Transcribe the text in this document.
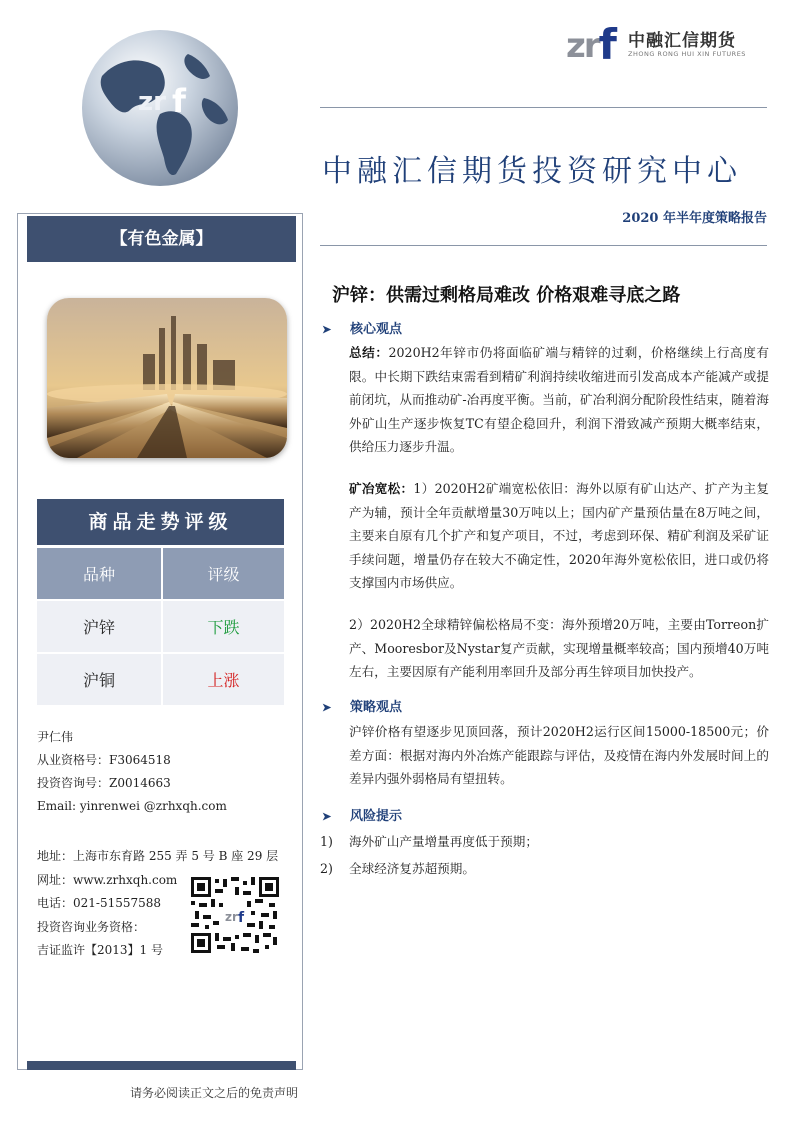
zr f
zrf 中融汇信期货
ZHONG RONG HUI XIN FUTURES
中融汇信期货投资研究中心
2020 年半年度策略报告
【有色金属】
商品走势评级
品种	评级
沪锌	下跌
沪铜	上涨
尹仁伟
从业资格号：F3064518
投资咨询号：Z0014663
Email: yinrenwei @zrhxqh.com
地址：上海市东育路 255 弄 5 号 B 座 29 层
网址：www.zrhxqh.com
电话：021-51557588
投资咨询业务资格：
吉证监许【2013】1 号
zr f
请务必阅读正文之后的免责声明
沪锌：供需过剩格局难改 价格艰难寻底之路
➤ 核心观点
总结：2020H2年锌市仍将面临矿端与精锌的过剩，价格继续上行高度有限。中长期下跌结束需看到精矿利润持续收缩进而引发高成本产能减产或提前闭坑，从而推动矿-冶再度平衡。当前，矿冶利润分配阶段性结束，随着海外矿山生产逐步恢复TC有望企稳回升，利润下滑致减产预期大概率结束，供给压力逐步升温。
矿冶宽松：1）2020H2矿端宽松依旧：海外以原有矿山达产、扩产为主复产为辅，预计全年贡献增量30万吨以上；国内矿产量预估量在8万吨之间，主要来自原有几个扩产和复产项目，不过，考虑到环保、精矿利润及采矿证手续问题，增量仍存在较大不确定性，2020年海外宽松依旧，进口或仍将支撑国内市场供应。
2）2020H2全球精锌偏松格局不变：海外预增20万吨，主要由Torreon扩产、Mooresbor及Nystar复产贡献，实现增量概率较高；国内预增40万吨左右，主要因原有产能利用率回升及部分再生锌项目加快投产。
➤ 策略观点
沪锌价格有望逐步见顶回落，预计2020H2运行区间15000-18500元；价差方面：根据对海内外冶炼产能跟踪与评估，及疫情在海内外发展时间上的差异内强外弱格局有望扭转。
➤ 风险提示
1) 海外矿山产量增量再度低于预期；
2) 全球经济复苏超预期。
